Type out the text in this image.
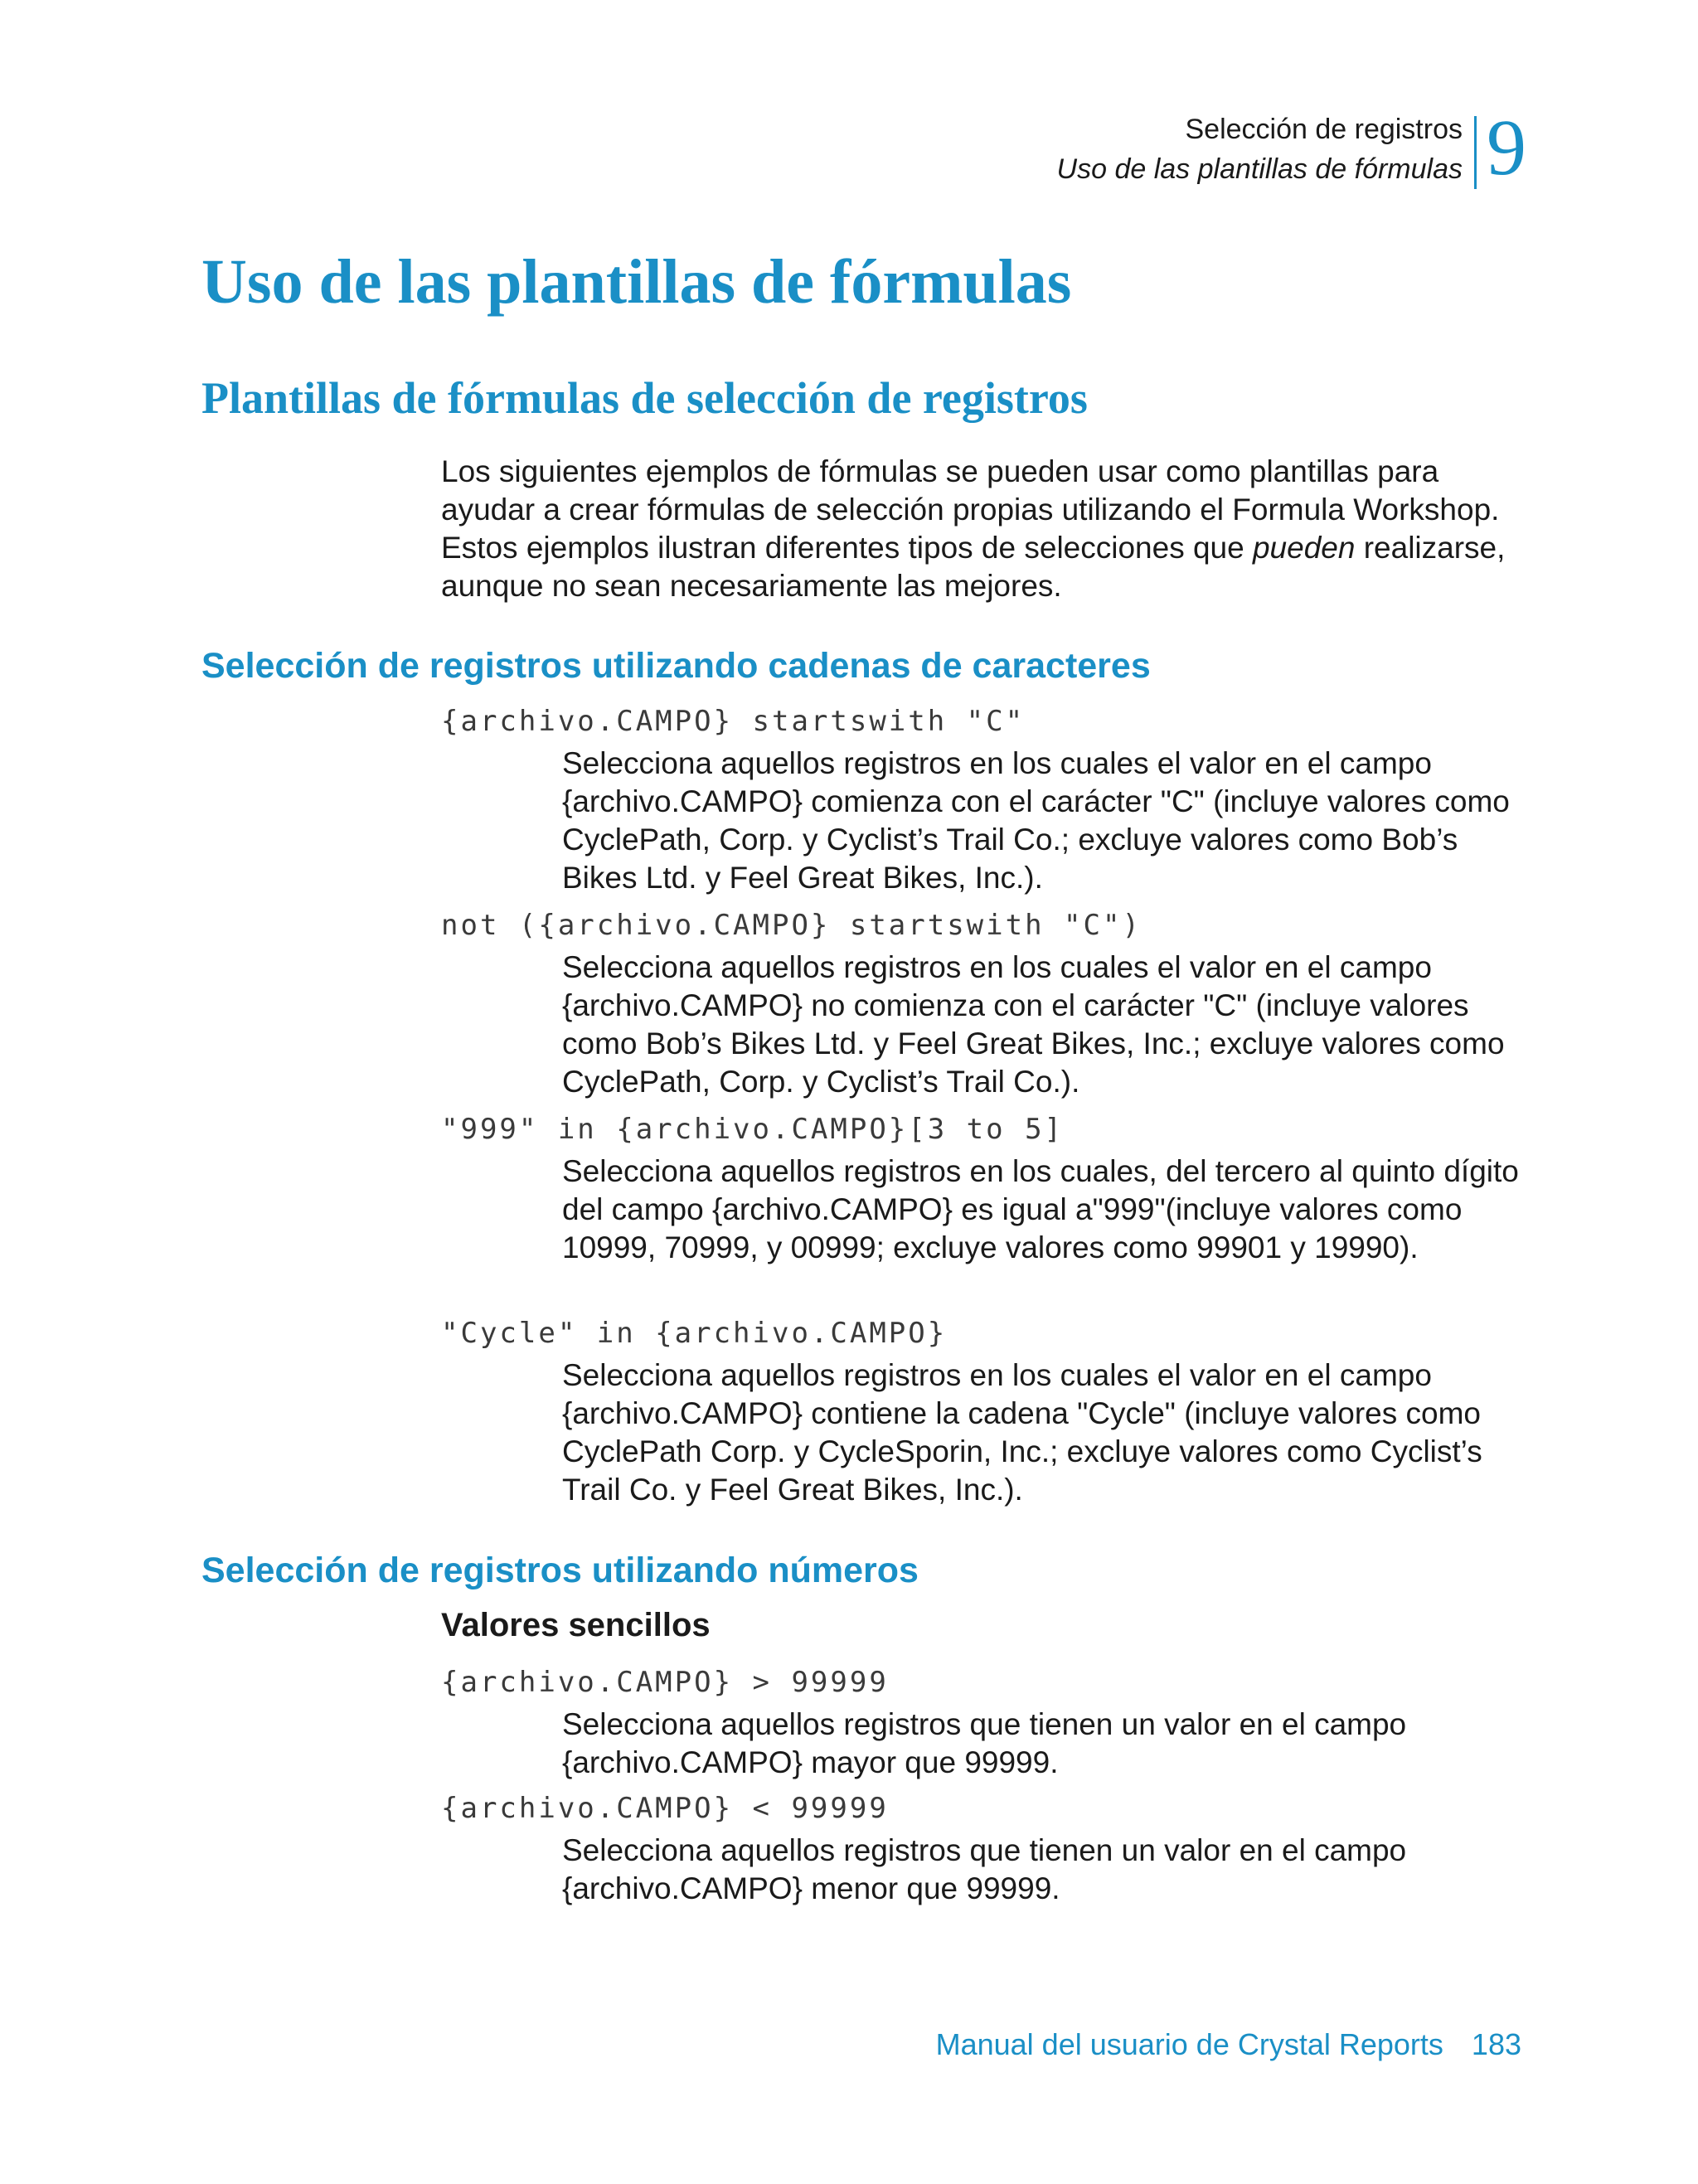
Selección de registros
Uso de las plantillas de fórmulas 9
Uso de las plantillas de fórmulas
Plantillas de fórmulas de selección de registros

Los siguientes ejemplos de fórmulas se pueden usar como plantillas para ayudar a crear fórmulas de selección propias utilizando el Formula Workshop. Estos ejemplos ilustran diferentes tipos de selecciones que pueden realizarse, aunque no sean necesariamente las mejores.

Selección de registros utilizando cadenas de caracteres
{archivo.CAMPO} startswith "C"

Selecciona aquellos registros en los cuales el valor en el campo {archivo.CAMPO} comienza con el carácter "C" (incluye valores como CyclePath, Corp. y Cyclist’s Trail Co.; excluye valores como Bob’s Bikes Ltd. y Feel Great Bikes, Inc.).

not ({archivo.CAMPO} startswith "C")

Selecciona aquellos registros en los cuales el valor en el campo {archivo.CAMPO} no comienza con el carácter "C" (incluye valores como Bob’s Bikes Ltd. y Feel Great Bikes, Inc.; excluye valores como CyclePath, Corp. y Cyclist’s Trail Co.).

"999" in {archivo.CAMPO}[3 to 5]

Selecciona aquellos registros en los cuales, del tercero al quinto dígito del campo {archivo.CAMPO} es igual a"999"(incluye valores como 10999, 70999, y 00999; excluye valores como 99901 y 19990).

"Cycle" in {archivo.CAMPO}

Selecciona aquellos registros en los cuales el valor en el campo {archivo.CAMPO} contiene la cadena "Cycle" (incluye valores como CyclePath Corp. y CycleSporin, Inc.; excluye valores como Cyclist’s Trail Co. y Feel Great Bikes, Inc.).

Selección de registros utilizando números
Valores sencillos
{archivo.CAMPO} > 99999

Selecciona aquellos registros que tienen un valor en el campo {archivo.CAMPO} mayor que 99999.

{archivo.CAMPO} < 99999

Selecciona aquellos registros que tienen un valor en el campo {archivo.CAMPO} menor que 99999.

Manual del usuario de Crystal Reports 183
